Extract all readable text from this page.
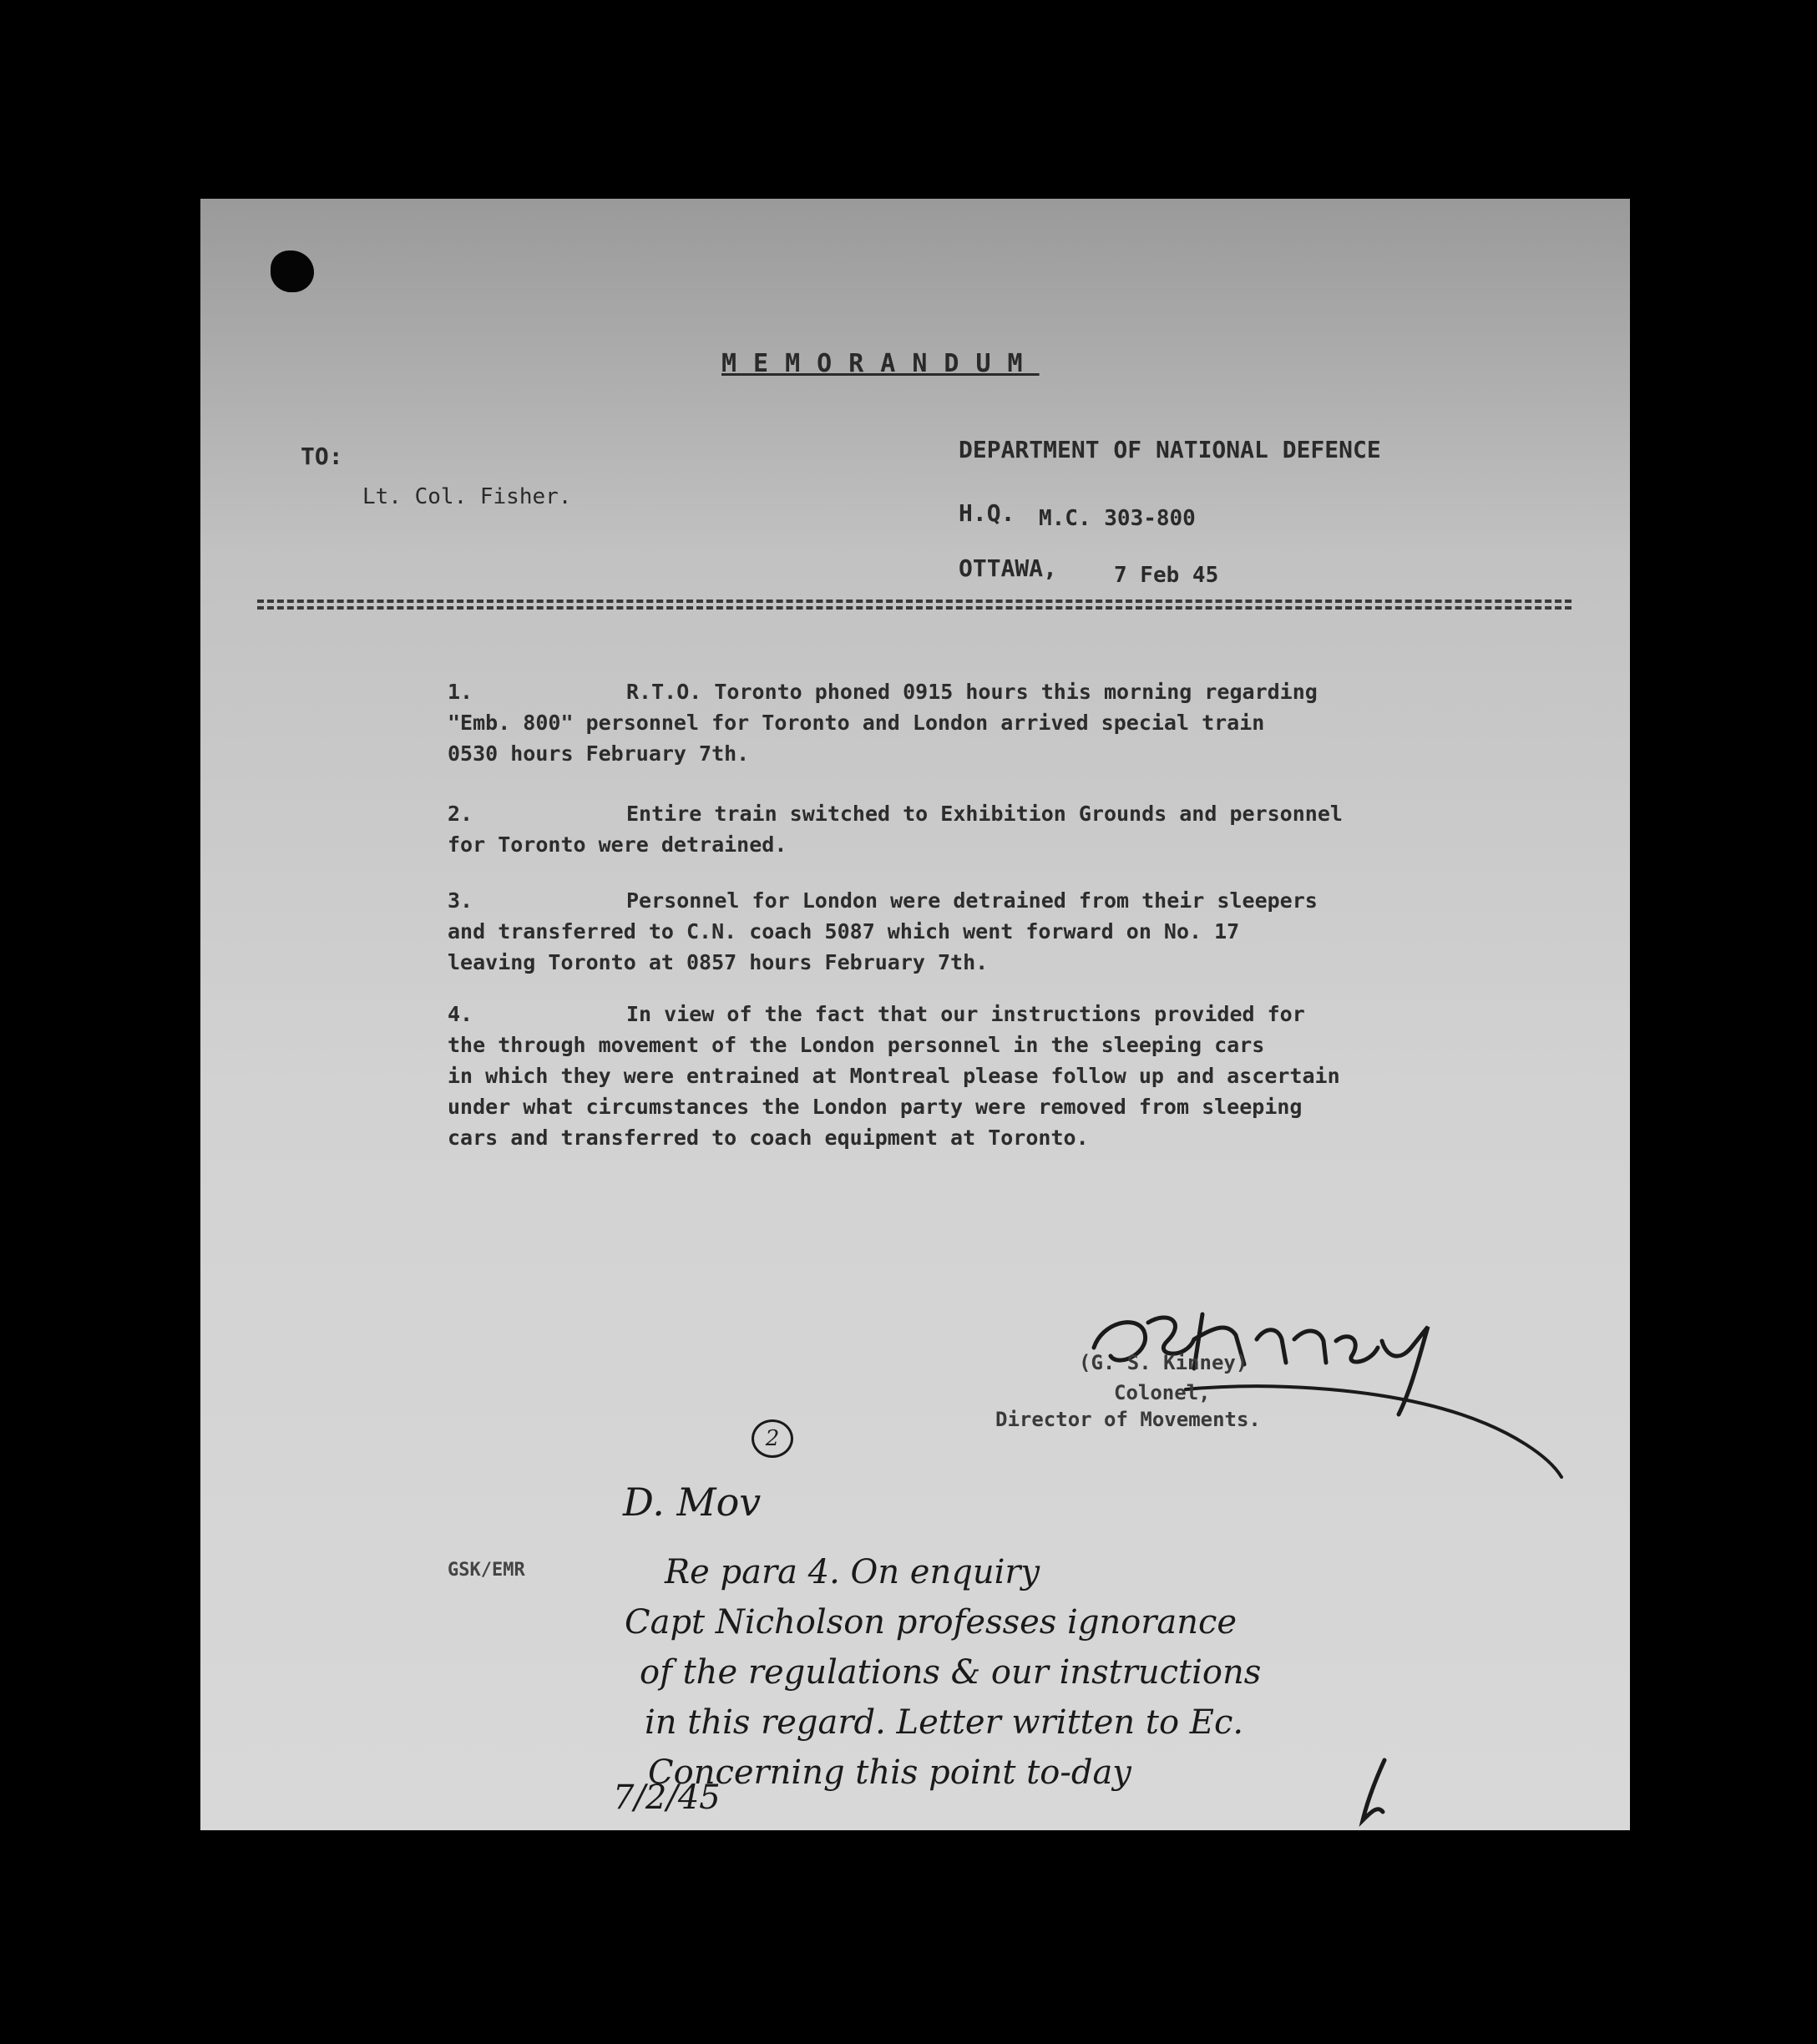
MEMORANDUM
TO:
Lt. Col. Fisher.
DEPARTMENT OF NATIONAL DEFENCE
H.Q. M.C. 303-800
OTTAWA,	7 Feb 45
1.	R.T.O. Toronto phoned 0915 hours this morning regarding
"Emb. 800" personnel for Toronto and London arrived special train
0530 hours February 7th.
2.	Entire train switched to Exhibition Grounds and personnel
for Toronto were detrained.
3.	Personnel for London were detrained from their sleepers
and transferred to C.N. coach 5087 which went forward on No. 17
leaving Toronto at 0857 hours February 7th.
4.	In view of the fact that our instructions provided for
the through movement of the London personnel in the sleeping cars
in which they were entrained at Montreal please follow up and ascertain
under what circumstances the London party were removed from sleeping
cars and transferred to coach equipment at Toronto.
(G. S. Kinney)
Colonel,
Director of Movements.
GSK/EMR
2
D. Mov
Re para 4. On enquiry
Capt Nicholson professes ignorance
of the regulations & our instructions
in this regard. Letter written to Ec.
Concerning this point to-day
7/2/45
